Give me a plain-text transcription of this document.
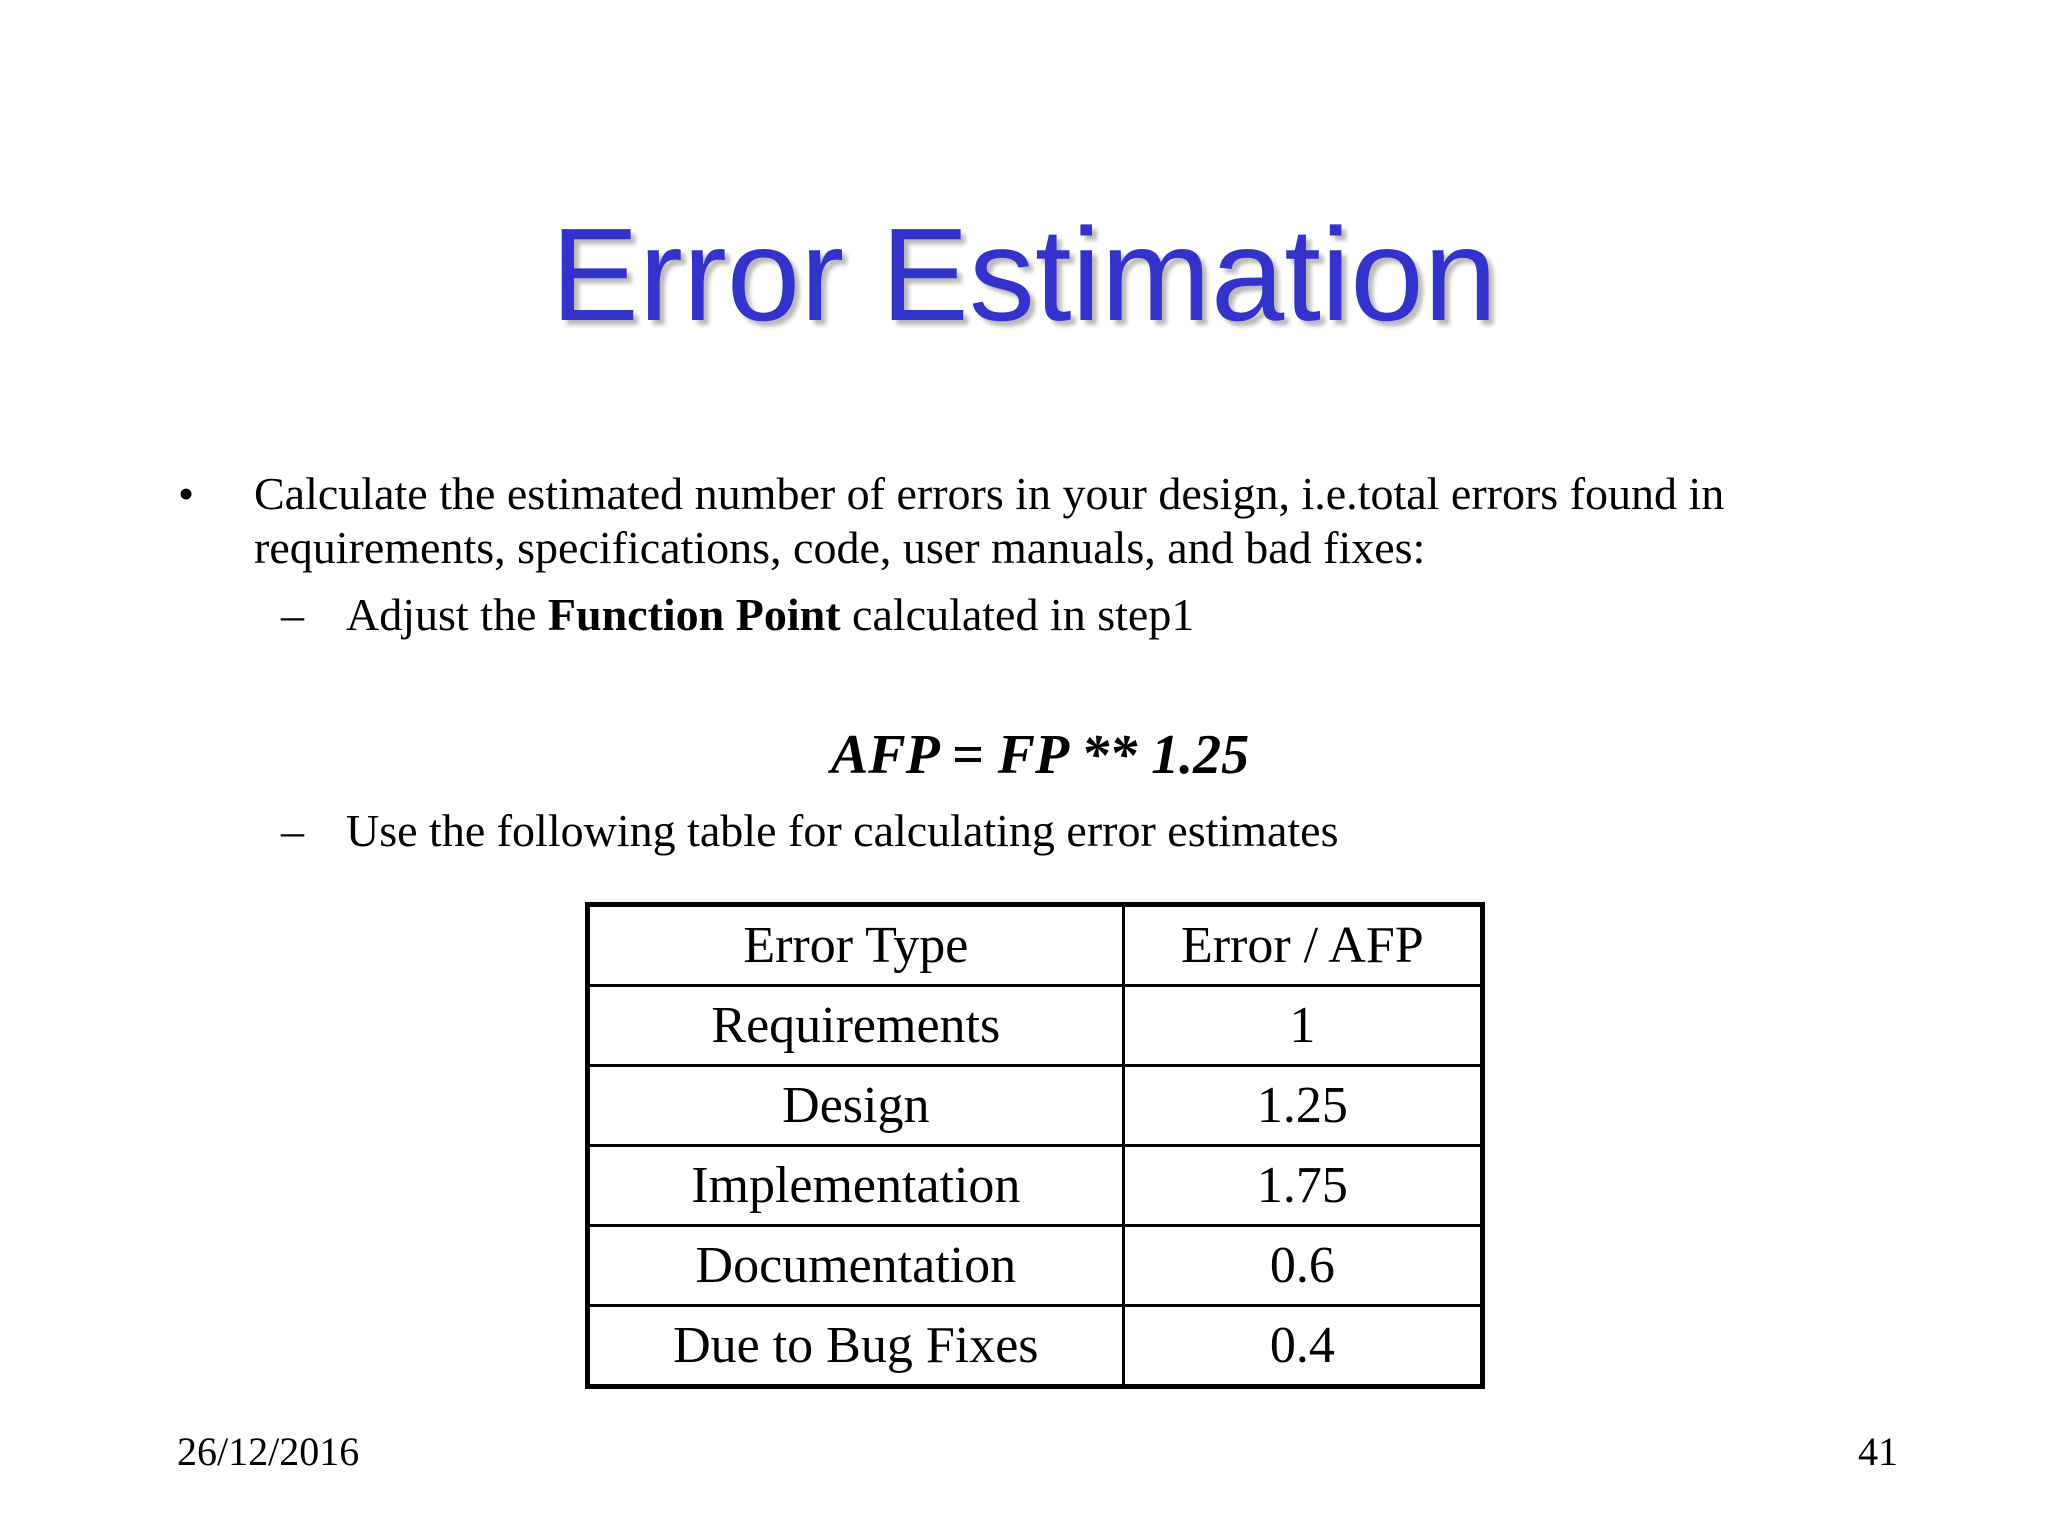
Error Estimation
• Calculate the estimated number of errors in your design, i.e.total errors found in
requirements, specifications, code, user manuals, and bad fixes:
– Adjust the Function Point calculated in step1
AFP = FP ** 1.25
– Use the following table for calculating error estimates
Error Type	Error / AFP
Requirements	1
Design	1.25
Implementation	1.75
Documentation	0.6
Due to Bug Fixes	0.4
26/12/2016	41
